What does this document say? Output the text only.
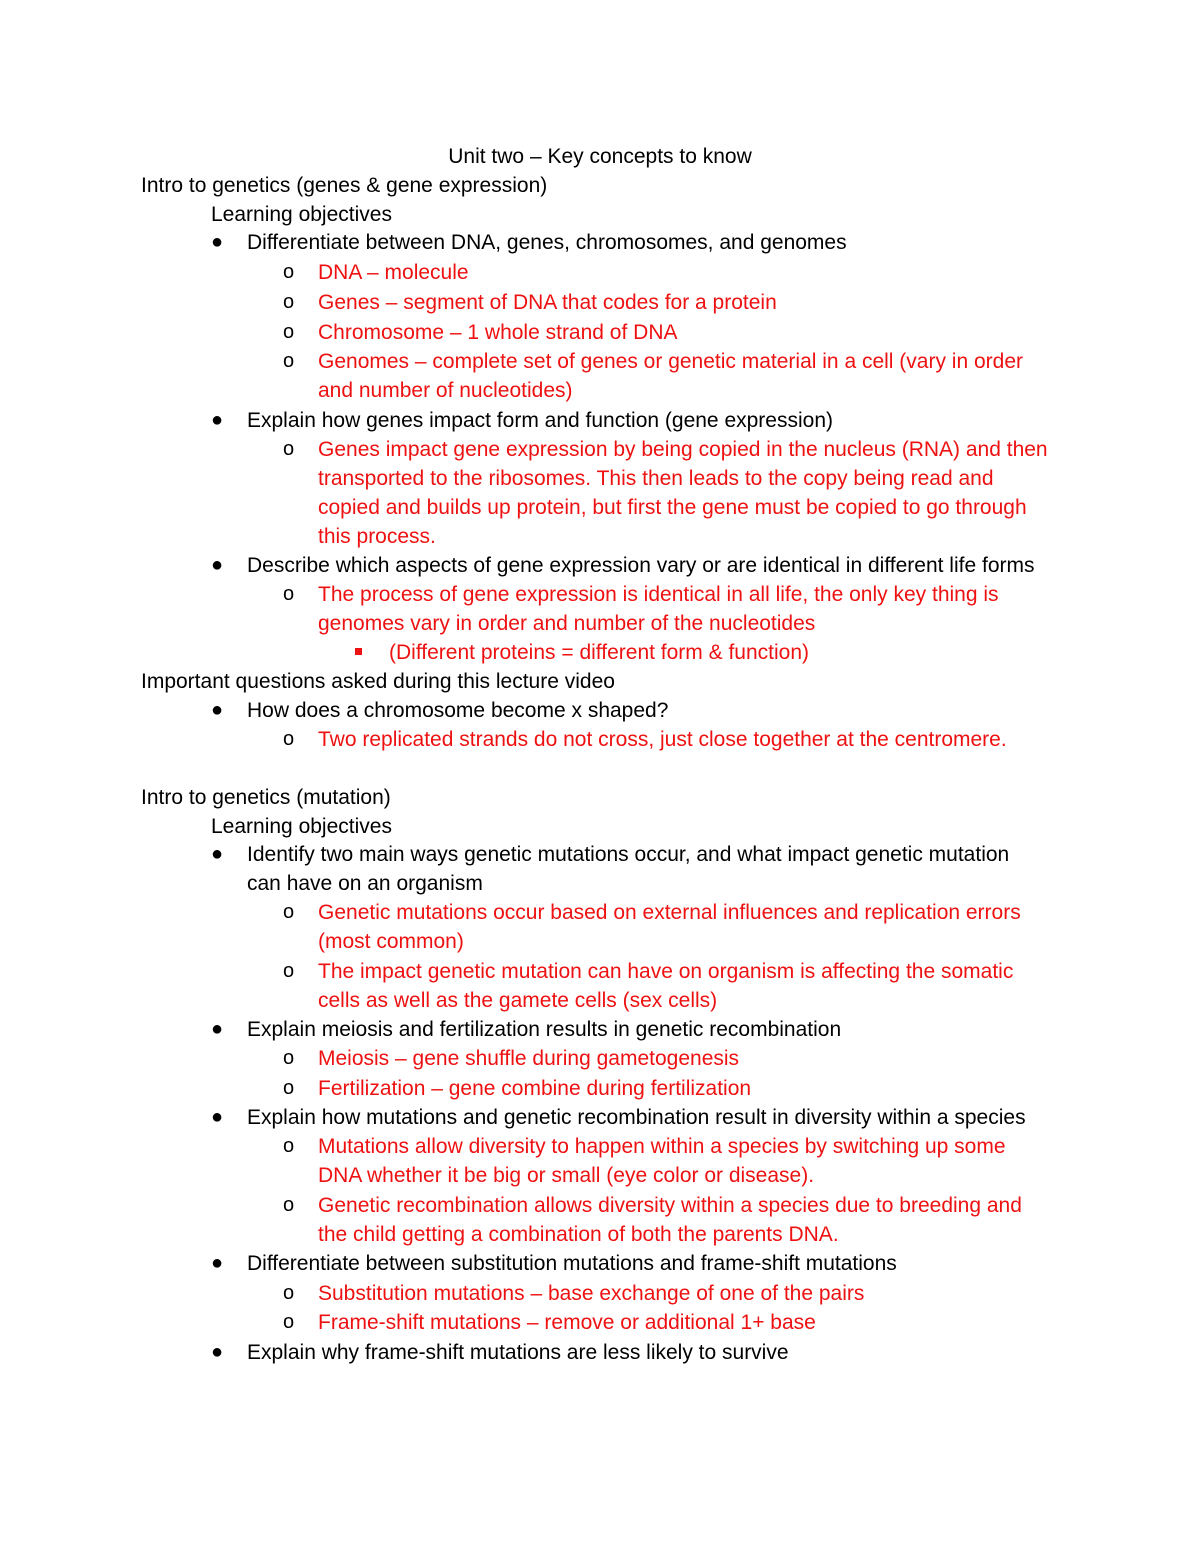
Unit two – Key concepts to know
Intro to genetics (genes & gene expression)
Learning objectives
● Differentiate between DNA, genes, chromosomes, and genomes
o DNA – molecule
o Genes – segment of DNA that codes for a protein
o Chromosome – 1 whole strand of DNA
o Genomes – complete set of genes or genetic material in a cell (vary in order
and number of nucleotides)
● Explain how genes impact form and function (gene expression)
o Genes impact gene expression by being copied in the nucleus (RNA) and then
transported to the ribosomes. This then leads to the copy being read and
copied and builds up protein, but first the gene must be copied to go through
this process.
● Describe which aspects of gene expression vary or are identical in different life forms
o The process of gene expression is identical in all life, the only key thing is
genomes vary in order and number of the nucleotides
(Different proteins = different form & function)
Important questions asked during this lecture video
● How does a chromosome become x shaped?
o Two replicated strands do not cross, just close together at the centromere.
Intro to genetics (mutation)
Learning objectives
● Identify two main ways genetic mutations occur, and what impact genetic mutation
can have on an organism
o Genetic mutations occur based on external influences and replication errors
(most common)
o The impact genetic mutation can have on organism is affecting the somatic
cells as well as the gamete cells (sex cells)
● Explain meiosis and fertilization results in genetic recombination
o Meiosis – gene shuffle during gametogenesis
o Fertilization – gene combine during fertilization
● Explain how mutations and genetic recombination result in diversity within a species
o Mutations allow diversity to happen within a species by switching up some
DNA whether it be big or small (eye color or disease).
o Genetic recombination allows diversity within a species due to breeding and
the child getting a combination of both the parents DNA.
● Differentiate between substitution mutations and frame-shift mutations
o Substitution mutations – base exchange of one of the pairs
o Frame-shift mutations – remove or additional 1+ base
● Explain why frame-shift mutations are less likely to survive
